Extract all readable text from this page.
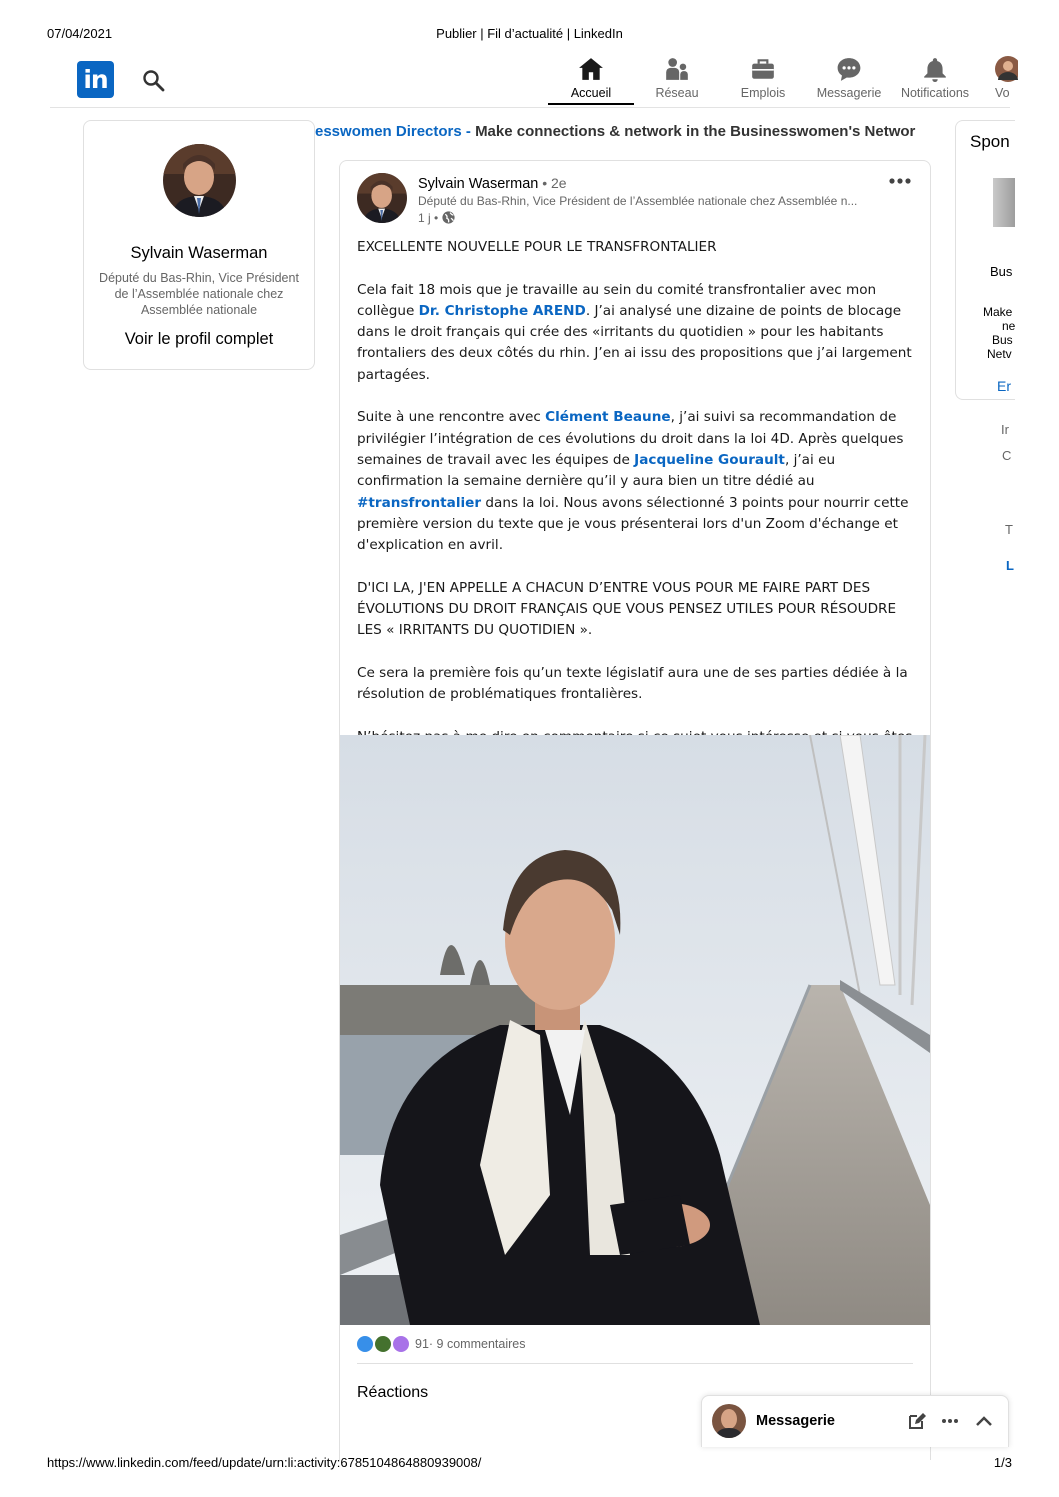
07/04/2021	Publier | Fil d’actualité | LinkedIn
in	Accueil	Réseau	Emplois	Messagerie	Notifications	Vo
esswomen Directors - Make connections & network in the Businesswomen's Networ
Sylvain Waserman
Député du Bas-Rhin, Vice Président de l’Assemblée nationale chez Assemblée nationale
Voir le profil complet
Spon
Bus
Make
ne
Bus
Netv
Er
Ir
C
T
L
Sylvain Waserman • 2e
Député du Bas-Rhin, Vice Président de l’Assemblée nationale chez Assemblée n...
1 j •

EXCELLENTE NOUVELLE POUR LE TRANSFRONTALIER

Cela fait 18 mois que je travaille au sein du comité transfrontalier avec mon collègue Dr. Christophe AREND. J’ai analysé une dizaine de points de blocage dans le droit français qui crée des «irritants du quotidien » pour les habitants frontaliers des deux côtés du rhin. J’en ai issu des propositions que j’ai largement partagées.

Suite à une rencontre avec Clément Beaune, j’ai suivi sa recommandation de privilégier l’intégration de ces évolutions du droit dans la loi 4D. Après quelques semaines de travail avec les équipes de Jacqueline Gourault, j’ai eu confirmation la semaine dernière qu’il y aura bien un titre dédié au #transfrontalier dans la loi. Nous avons sélectionné 3 points pour nourrir cette première version du texte que je vous présenterai lors d'un Zoom d'échange et d'explication en avril.

D'ICI LA, J'EN APPELLE A CHACUN D’ENTRE VOUS POUR ME FAIRE PART DES ÉVOLUTIONS DU DROIT FRANÇAIS QUE VOUS PENSEZ UTILES POUR RÉSOUDRE LES « IRRITANTS DU QUOTIDIEN ».

Ce sera la première fois qu’un texte législatif aura une de ses parties dédiée à la résolution de problématiques frontalières.

91 · 9 commentaires
Réactions
Messagerie
https://www.linkedin.com/feed/update/urn:li:activity:6785104864880939008/	1/3
